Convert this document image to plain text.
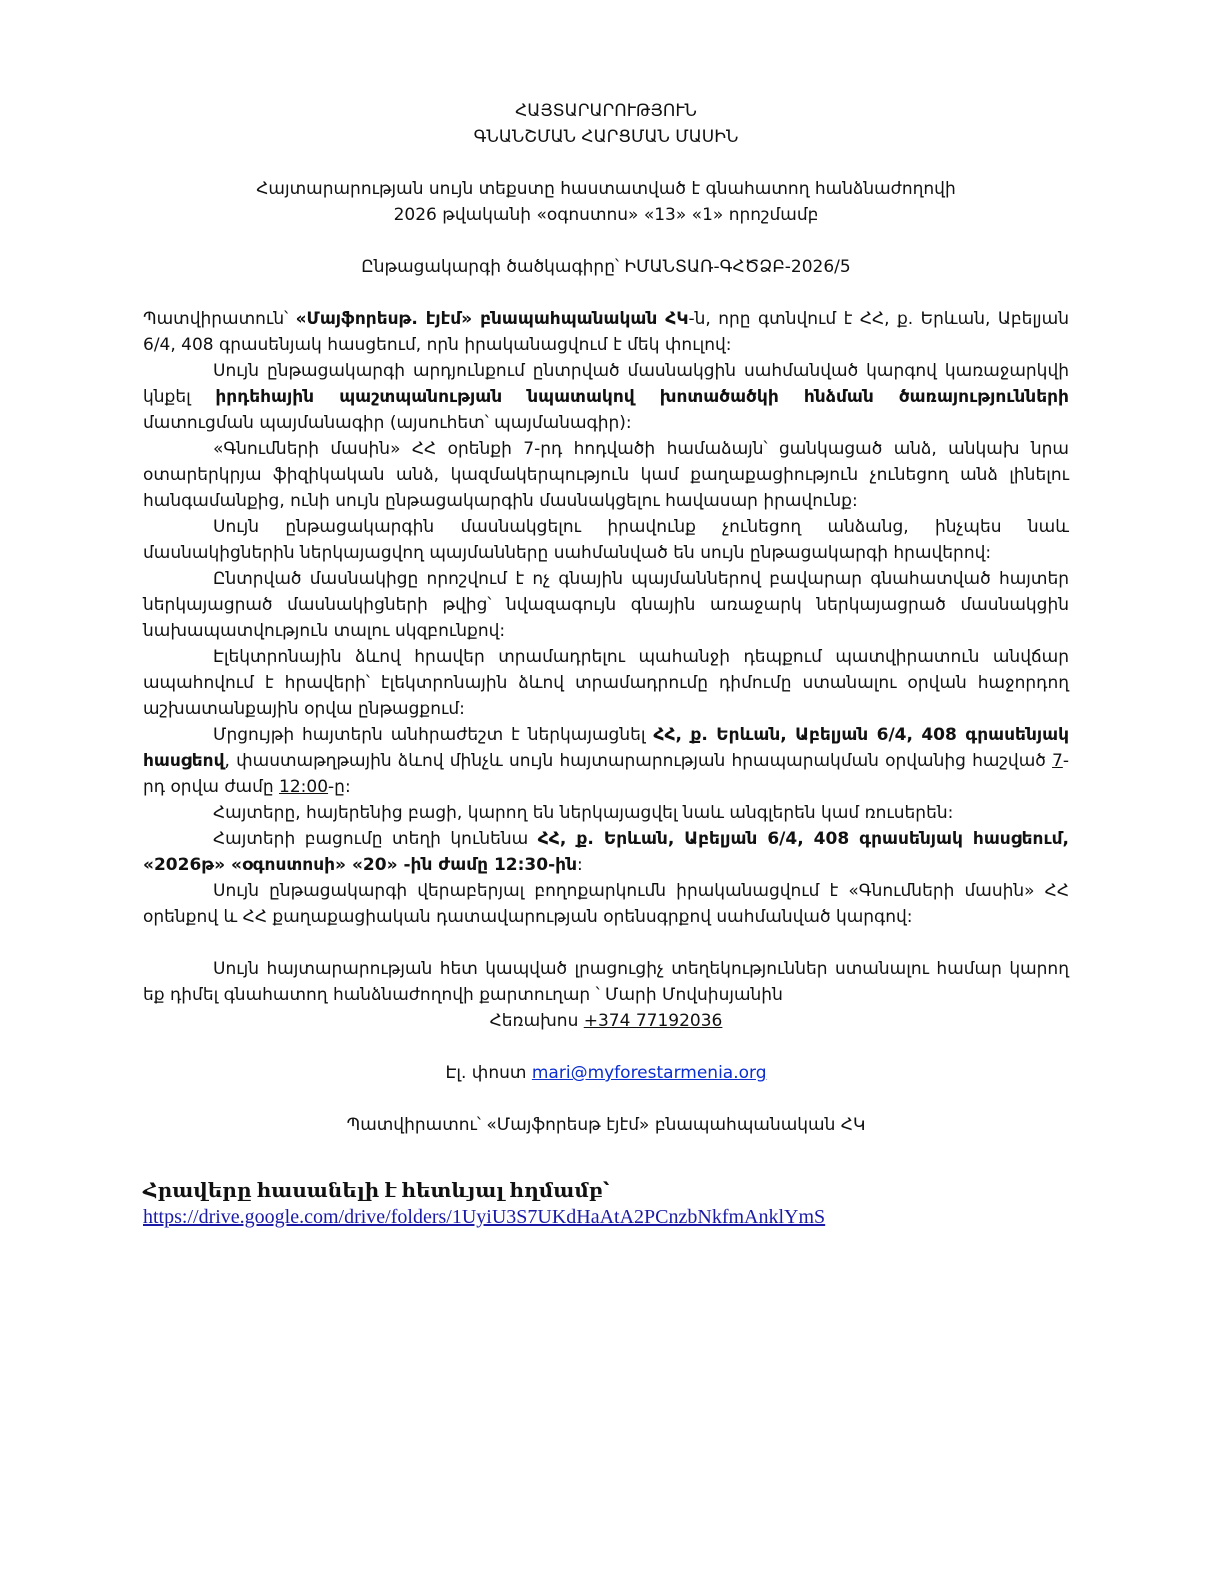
ՀԱՅՏԱՐԱՐՈՒԹՅՈՒՆ

ԳՆԱՆՇՄԱՆ ՀԱՐՑՄԱՆ ՄԱՍԻՆ

Հայտարարության սույն տեքստը հաստատված է գնահատող հանձնաժողովի

2026 թվականի «օգոստոս» «13» «1» որոշմամբ

Ընթացակարգի ծածկագիրը՝ ԻՄԱՆՏԱՌ-ԳՀԾՁԲ-2026/5

Պատվիրատուն՝ «Մայֆորեսթ. էյէմ» բնապահպանական ՀԿ-ն, որը գտնվում է ՀՀ, ք. Երևան, Աբելյան 6/4, 408 գրասենյակ հասցեում, որն իրականացվում է մեկ փուլով:

Սույն ընթացակարգի արդյունքում ընտրված մասնակցին սահմանված կարգով կառաջարկվի կնքել իրդեհային պաշտպանության նպատակով խոտածածկի հնձման ծառայությունների մատուցման պայմանագիր (այսուհետ՝ պայմանագիր):

«Գնումների մասին» ՀՀ օրենքի 7-րդ հոդվածի համաձայն՝ ցանկացած անձ, անկախ նրա օտարերկրյա ֆիզիկական անձ, կազմակերպություն կամ քաղաքացիություն չունեցող անձ լինելու հանգամանքից, ունի սույն ընթացակարգին մասնակցելու հավասար իրավունք:

Սույն ընթացակարգին մասնակցելու իրավունք չունեցող անձանց, ինչպես նաև մասնակիցներին ներկայացվող պայմանները սահմանված են սույն ընթացակարգի հրավերով:

Ընտրված մասնակիցը որոշվում է ոչ գնային պայմաններով բավարար գնահատված հայտեր ներկայացրած մասնակիցների թվից՝ նվազագույն գնային առաջարկ ներկայացրած մասնակցին նախապատվություն տալու սկզբունքով:

Էլեկտրոնային ձևով հրավեր տրամադրելու պահանջի դեպքում պատվիրատուն անվճար ապահովում է հրավերի՝ էլեկտրոնային ձևով տրամադրումը դիմումը ստանալու օրվան հաջորդող աշխատանքային օրվա ընթացքում:

Մրցույթի հայտերն անհրաժեշտ է ներկայացնել ՀՀ, ք. Երևան, Աբելյան 6/4, 408 գրասենյակ հասցեով, փաստաթղթային ձևով մինչև սույն հայտարարության հրապարակման օրվանից հաշված 7-րդ օրվա ժամը 12:00-ը:

Հայտերը, հայերենից բացի, կարող են ներկայացվել նաև անգլերեն կամ ռուսերեն:

Հայտերի բացումը տեղի կունենա ՀՀ, ք. Երևան, Աբելյան 6/4, 408 գրասենյակ հասցեում, «2026թ» «օգոստոսի» «20» -ին ժամը 12:30-ին:

Սույն ընթացակարգի վերաբերյալ բողոքարկումն իրականացվում է «Գնումների մասին» ՀՀ օրենքով և ՀՀ քաղաքացիական դատավարության օրենսգրքով սահմանված կարգով:

Սույն հայտարարության հետ կապված լրացուցիչ տեղեկություններ ստանալու համար կարող եք դիմել գնահատող հանձնաժողովի քարտուղար ՝ Մարի Մովսիսյանին

Հեռախոս +374 77192036

Էլ. փոստ mari@myforestarmenia.org

Պատվիրատու՝ «Մայֆորեսթ էյէմ» բնապահպանական ՀԿ

Հրավերը հասանելի է հետևյալ հղմամբ՝

https://drive.google.com/drive/folders/1UyiU3S7UKdHaAtA2PCnzbNkfmAnklYmS
